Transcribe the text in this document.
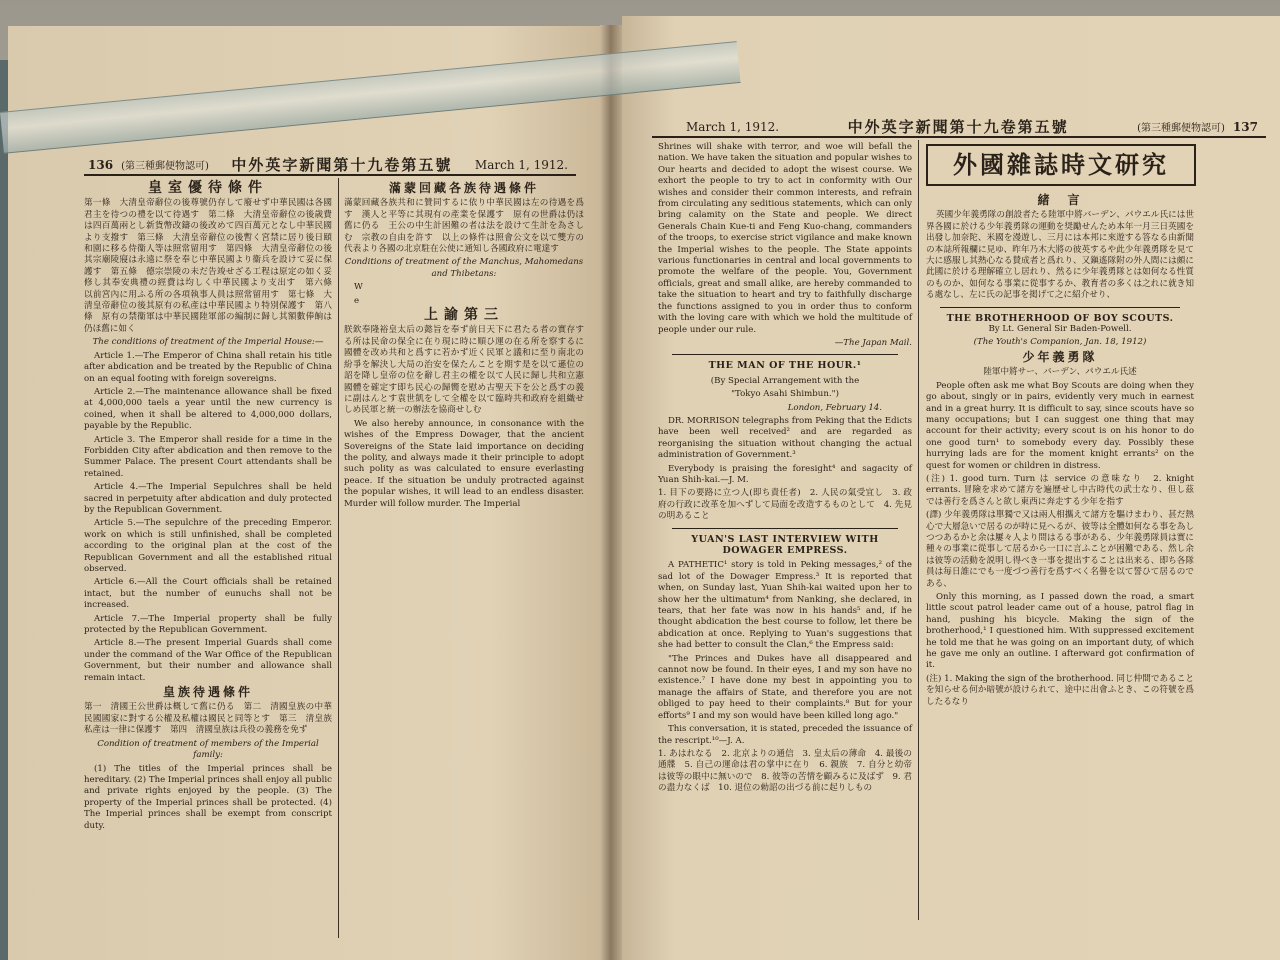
136 (第三種郵便物認可) 中外英字新聞第十九卷第五號 March 1, 1912.
皇室優待條件

第一條　大清皇帝辭位の後尊號仍存して廢せず中華民國は各國君主を待つの禮を以て待遇す　第二條　大清皇帝辭位の後歳費は四百萬兩とし新貨幣改鑄の後改めて四百萬元となし中華民國より支撥す　第三條　大清皇帝辭位の後暫く宮禁に居り後日頤和園に移る侍衞人等は照常留用す　第四條　大清皇帝辭位の後其宗廟陵寢は永遠に祭を奉じ中華民國より衞兵を設けて妥に保護す　第五條　德宗崇陵の未だ告竣せざる工程は原定の如く妥修し其奉安典禮の經費は均しく中華民國より支出す　第六條　以前宮內に用ふる所の各項執事人員は照常留用す　第七條　大清皇帝辭位の後其原有の私產は中華民國より特別保護す　第八條　原有の禁衞軍は中華民國陸軍部の編制に歸し其額數俸餉は仍ほ舊に如く

The conditions of treatment of the Imperial House:—

Article 1.—The Emperor of China shall retain his title after abdication and be treated by the Republic of China on an equal footing with foreign sovereigns.

Article 2.—The maintenance allowance shall be fixed at 4,000,000 taels a year until the new currency is coined, when it shall be altered to 4,000,000 dollars, payable by the Republic.

Article 3. The Emperor shall reside for a time in the Forbidden City after abdication and then remove to the Summer Palace. The present Court attendants shall be retained.

Article 4.—The Imperial Sepulchres shall be held sacred in perpetuity after abdication and duly protected by the Republican Government.

Article 5.—The sepulchre of the preceding Emperor. work on which is still unfinished, shall be completed according to the original plan at the cost of the Republican Government and all the established ritual observed.

Article 6.—All the Court officials shall be retained intact, but the number of eunuchs shall not be increased.

Article 7.—The Imperial property shall be fully protected by the Republican Government.

Article 8.—The present Imperial Guards shall come under the command of the War Office of the Republican Government, but their number and allowance shall remain intact.

皇族待遇條件

第一　清國王公世爵は概して舊に仍る　第二　清國皇族の中華民國國家に對する公權及私權は國民と同等とす　第三　清皇族私產は一律に保護す　第四　清國皇族は兵役の義務を免ず

Condition of treatment of members of the Imperial family:

(1) The titles of the Imperial princes shall be hereditary. (2) The Imperial princes shall enjoy all public and private rights enjoyed by the people. (3) The property of the Imperial princes shall be protected. (4) The Imperial princes shall be exempt from conscript duty.

滿蒙回藏各族待遇條件

滿蒙回藏各族共和に贊同するに依り中華民國は左の待遇を爲す　漢人と平等に其現有の產業を保護す　原有の世爵は仍ほ舊に仍る　王公の中生計困難の者は法を設けて生計を為さしむ　宗教の自由を許す　以上の條件は照會公文を以て雙方の代表より各國の北京駐在公使に通知し各國政府に電達す

Conditions of treatment of the Manchus, Mahomedans and Thibetans:

W

e

上諭第三

朕欽奉隆裕皇太后の懿旨を奉ず前日天下に君たる者の實存する所は民命の保全に在り現に時に順ひ運の在る所を察するに國體を改め共和と爲すに若かず近く民軍と議和に至り南北の紛爭を解決し大局の治安を保たんことを期す是を以て遜位の詔を降し皇帝の位を辭し君主の權を以て人民に歸し共和立憲國體を確定す即ち民心の歸嚮を慰め古聖天下を公と爲すの義に副はんとす袁世凱をして全權を以て臨時共和政府を組織せしめ民軍と統一の辦法を協商せしむ

We also hereby announce, in consonance with the wishes of the Empress Dowager, that the ancient Sovereigns of the State laid importance on deciding the polity, and always made it their principle to adopt such polity as was calculated to ensure everlasting peace. If the situation be unduly protracted against the popular wishes, it will lead to an endless disaster. Murder will follow murder. The Imperial

March 1, 1912.	中外英字新聞第十九卷第五號	(第三種郵便物認可) 137

Shrines will shake with terror, and woe will befall the nation. We have taken the situation and popular wishes to Our hearts and decided to adopt the wisest course. We exhort the people to try to act in conformity with Our wishes and consider their common interests, and refrain from circulating any seditious statements, which can only bring calamity on the State and people. We direct Generals Chain Kue-ti and Feng Kuo-chang, commanders of the troops, to exercise strict vigilance and make known the Imperial wishes to the people. The State appoints various functionaries in central and local governments to promote the welfare of the people. You, Government officials, great and small alike, are hereby commanded to take the situation to heart and try to faithfully discharge the functions assigned to you in order thus to conform with the loving care with which we hold the multitude of people under our rule.

—The Japan Mail.
THE MAN OF THE HOUR.¹

(By Special Arrangement with the

"Tokyo Asahi Shimbun.")

London, February 14.

DR. MORRISON telegraphs from Peking that the Edicts have been well received² and are regarded as reorganising the situation without changing the actual administration of Government.³

Everybody is praising the foresight⁴ and sagacity of Yuan Shih-kai.—J. M.

1. 目下の要路に立つ人(即ち責任者)　2. 人民の氣受宜し　3. 政府の行政に改革を加へずして局面を改造するものとして　4. 先見の明あること

YUAN'S LAST INTERVIEW WITH
DOWAGER EMPRESS.

A PATHETIC¹ story is told in Peking messages,² of the sad lot of the Dowager Empress.³ It is reported that when, on Sunday last, Yuan Shih-kai waited upon her to show her the ultimatum⁴ from Nanking, she declared, in tears, that her fate was now in his hands⁵ and, if he thought abdication the best course to follow, let there be abdication at once. Replying to Yuan's suggestions that she had better to consult the Clan,⁶ the Empress said:

"The Princes and Dukes have all disappeared and cannot now be found. In their eyes, I and my son have no existence.⁷ I have done my best in appointing you to manage the affairs of State, and therefore you are not obliged to pay heed to their complaints.⁸ But for your efforts⁹ I and my son would have been killed long ago."

This conversation, it is stated, preceded the issuance of the rescript.¹⁰—J. A.

1. あはれなる　2. 北京よりの通信　3. 皇太后の薄命　4. 最後の通牒　5. 自己の運命は君の掌中に在り　6. 親族　7. 自分と幼帝は彼等の眼中に無いので　8. 彼等の苦情を顧みるに及ばず　9. 君の盡力なくば　10. 退位の勅詔の出づる前に起りしもの

外國雜誌時文研究
緒　言

英國少年義勇隊の創設者たる陸軍中將バーデン、パウエル氏には世界各國に於ける少年義勇隊の運動を奨勵せんため本年一月三日英國を出發し加奈陀、米國を漫遊し、三月には本邦に來遊する答なる由新聞の本誌所報欄に見ゆ、昨年乃木大將の彼英するや此少年義勇隊を見て大に感服し其熱心なる賛成者と爲れり、又鎭遙隊附の外人間には頗に此國に於ける理解確立し居れり、然るに少年義勇隊とは如何なる性質のものか、如何なる事業に從事するか、教育者の多くは之れに就き知る處なし、左に氏の記事を掲げて之に紹介せり、

THE BROTHERHOOD OF BOY SCOUTS.

By Lt. General Sir Baden-Powell.

(The Youth's Companion, Jan. 18, 1912)

少年義勇隊

陸軍中將サー、バーデン、パウエル氏述

People often ask me what Boy Scouts are doing when they go about, singly or in pairs, evidently very much in earnest and in a great hurry. It is difficult to say, since scouts have so many occupations; but I can suggest one thing that may account for their activity; every scout is on his honor to do one good turn¹ to somebody every day. Possibly these hurrying lads are for the moment knight errants² on the quest for women or children in distress.

(注) 1. good turn. Turn は service の意味なり　2. knight errants. 冒險を求めて諸方を遍歷せし中古時代の武士なり、但し茲では善行を爲さんと欲し東西に奔走する少年を指す

(譯) 少年義勇隊は單獨で又は兩人相攜えて諸方を驅けまわり、甚だ熱心で大層急いで居るのが時に見へるが、彼等は全體如何なる事を為しつつあるかと余は屢々人より問はるる事がある、少年義勇隊員は實に種々の事業に從事して居るから一口に言ふことが困難である、然し余は彼等の活動を説明し得べき一事を提出することは出来る、即ち各隊員は毎日誰にでも一度づつ善行を爲すべく名譽を以て誓ひて居るのである、

Only this morning, as I passed down the road, a smart little scout patrol leader came out of a house, patrol flag in hand, pushing his bicycle. Making the sign of the brotherhood,¹ I questioned him. With suppressed excitement he told me that he was going on an important duty, of which he gave me only an outline. I afterward got confirmation of it.

(注) 1. Making the sign of the brotherhood. 同じ仲間であることを知らせる何か暗號が設けられて、途中に出會ふとき、この符號を爲したるなり
